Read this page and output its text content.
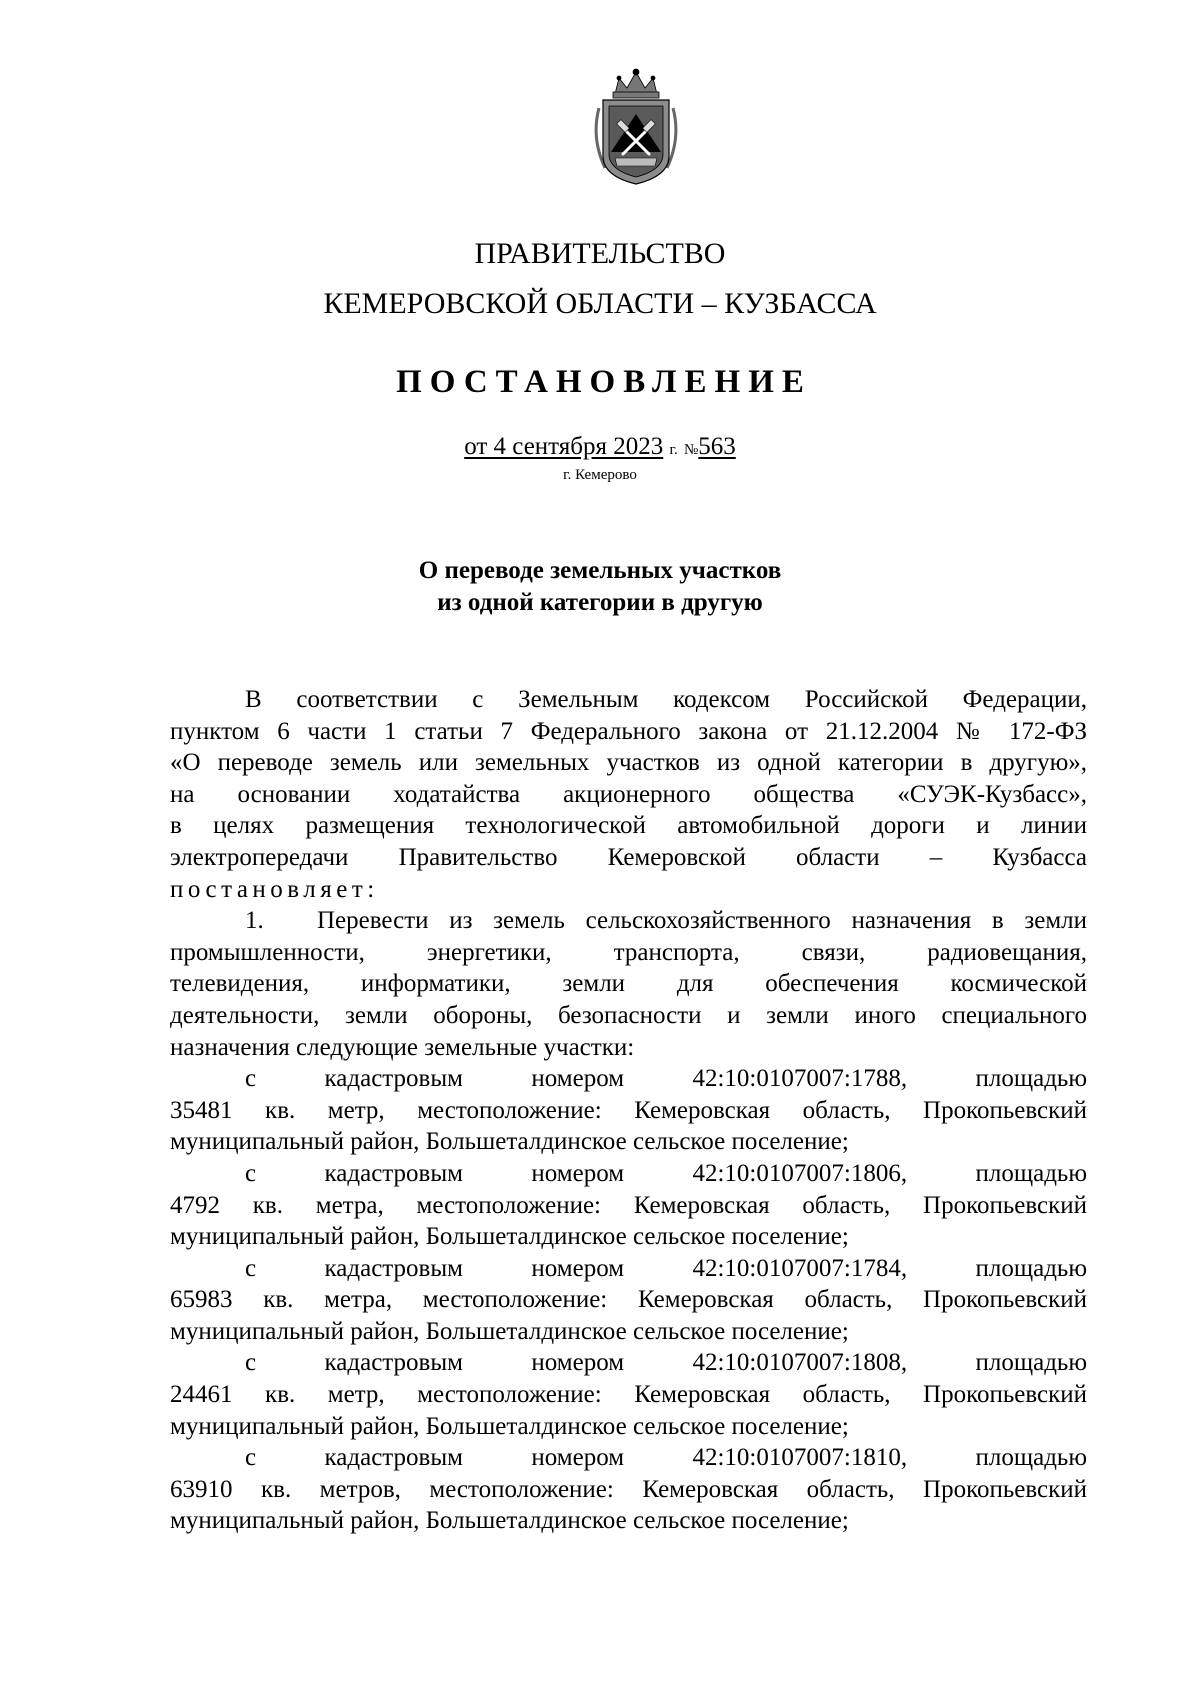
ПРАВИТЕЛЬСТВО
КЕМЕРОВСКОЙ ОБЛАСТИ – КУЗБАССА
ПОСТАНОВЛЕНИЕ
от 4 сентября 2023 г. №563
г. Кемерово
О переводе земельных участков
из одной категории в другую
В соответствии с Земельным кодексом Российской Федерации,
пунктом 6 части 1 статьи 7 Федерального закона от 21.12.2004 № 172-ФЗ
«О переводе земель или земельных участков из одной категории в другую»,
на основании ходатайства акционерного общества «СУЭК-Кузбасс»,
в целях размещения технологической автомобильной дороги и линии
электропередачи Правительство Кемеровской области – Кузбасса
постановляет:
1.	Перевести из земель сельскохозяйственного назначения в земли
промышленности, энергетики, транспорта, связи, радиовещания,
телевидения, информатики, земли для обеспечения космической
деятельности, земли обороны, безопасности и земли иного специального
назначения следующие земельные участки:
с кадастровым номером 42:10:0107007:1788, площадью
35481 кв. метр, местоположение: Кемеровская область, Прокопьевский
муниципальный район, Большеталдинское сельское поселение;
с кадастровым номером 42:10:0107007:1806, площадью
4792 кв. метра, местоположение: Кемеровская область, Прокопьевский
муниципальный район, Большеталдинское сельское поселение;
с кадастровым номером 42:10:0107007:1784, площадью
65983 кв. метра, местоположение: Кемеровская область, Прокопьевский
муниципальный район, Большеталдинское сельское поселение;
с кадастровым номером 42:10:0107007:1808, площадью
24461 кв. метр, местоположение: Кемеровская область, Прокопьевский
муниципальный район, Большеталдинское сельское поселение;
с кадастровым номером 42:10:0107007:1810, площадью
63910 кв. метров, местоположение: Кемеровская область, Прокопьевский
муниципальный район, Большеталдинское сельское поселение;
